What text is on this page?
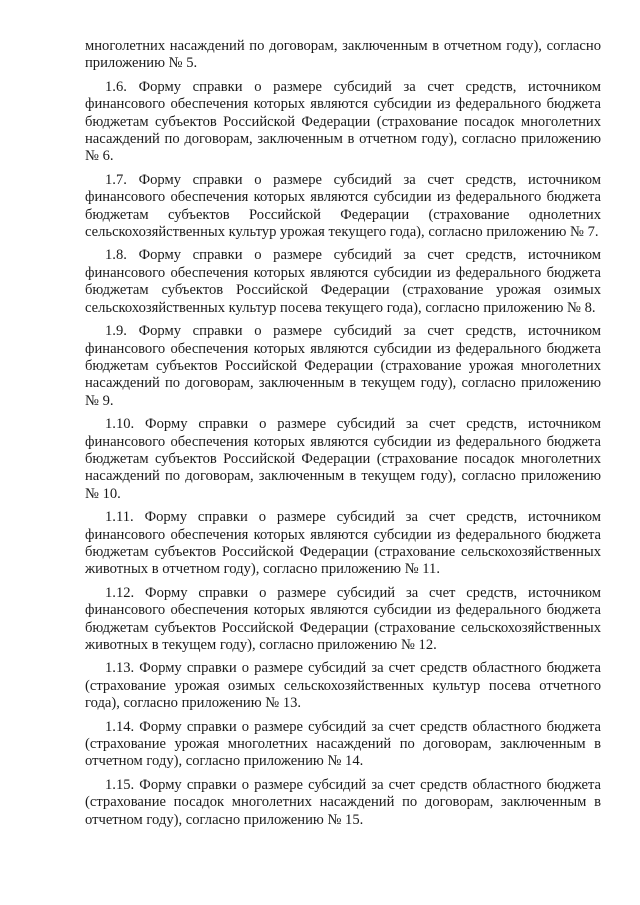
многолетних насаждений по договорам, заключенным в отчетном году), согласно приложению № 5.

1.6. Форму справки о размере субсидий за счет средств, источником финансового обеспечения которых являются субсидии из федерального бюджета бюджетам субъектов Российской Федерации (страхование посадок многолетних насаждений по договорам, заключенным в отчетном году), согласно приложению № 6.

1.7. Форму справки о размере субсидий за счет средств, источником финансового обеспечения которых являются субсидии из федерального бюджета бюджетам субъектов Российской Федерации (страхование однолетних сельскохозяйственных культур урожая текущего года), согласно приложению № 7.

1.8. Форму справки о размере субсидий за счет средств, источником финансового обеспечения которых являются субсидии из федерального бюджета бюджетам субъектов Российской Федерации (страхование урожая озимых сельскохозяйственных культур посева текущего года), согласно приложению № 8.

1.9. Форму справки о размере субсидий за счет средств, источником финансового обеспечения которых являются субсидии из федерального бюджета бюджетам субъектов Российской Федерации (страхование урожая многолетних насаждений по договорам, заключенным в текущем году), согласно приложению № 9.

1.10. Форму справки о размере субсидий за счет средств, источником финансового обеспечения которых являются субсидии из федерального бюджета бюджетам субъектов Российской Федерации (страхование посадок многолетних насаждений по договорам, заключенным в текущем году), согласно приложению № 10.

1.11. Форму справки о размере субсидий за счет средств, источником финансового обеспечения которых являются субсидии из федерального бюджета бюджетам субъектов Российской Федерации (страхование сельскохозяйственных животных в отчетном году), согласно приложению № 11.

1.12. Форму справки о размере субсидий за счет средств, источником финансового обеспечения которых являются субсидии из федерального бюджета бюджетам субъектов Российской Федерации (страхование сельскохозяйственных животных в текущем году), согласно приложению № 12.

1.13. Форму справки о размере субсидий за счет средств областного бюджета (страхование урожая озимых сельскохозяйственных культур посева отчетного года), согласно приложению № 13.

1.14. Форму справки о размере субсидий за счет средств областного бюджета (страхование урожая многолетних насаждений по договорам, заключенным в отчетном году), согласно приложению № 14.

1.15. Форму справки о размере субсидий за счет средств областного бюджета (страхование посадок многолетних насаждений по договорам, заключенным в отчетном году), согласно приложению № 15.
